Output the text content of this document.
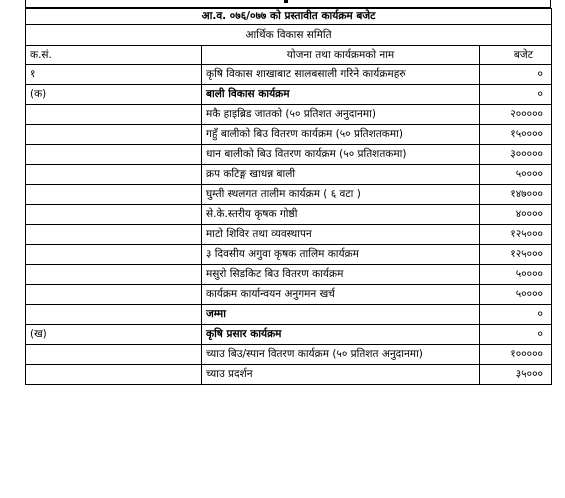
आ.व. ०७६/०७७ को प्रस्तावीत कार्यक्रम बजेट		
आर्थिक विकास समिति		
क.सं.	योजना तथा कार्यक्रमको नाम	बजेट
१	कृषि विकास शाखाबाट सालबसाली गरिने कार्यक्रमहरु	०
(क)	बाली विकास कार्यक्रम	०
	मकै हाइब्रिड जातको (५० प्रतिशत अनुदानमा)	२०००००
	गहुँ बालीको बिउ वितरण कार्यक्रम (५० प्रतिशतकमा)	१५००००
	धान बालीको बिउ वितरण कार्यक्रम (५० प्रतिशतकमा)	३०००००
	क्रप कटिङ्ग खाधन्न बाली	५००००
	घुम्ती स्थलगत तालीम कार्यक्रम ( ६ वटा )	१४७०००
	से.के.स्तरीय कृषक गोष्ठी	४००००
	माटो शिविर तथा व्यवस्थापन	१२५०००
	३ दिवसीय अगुवा कृषक तालिम कार्यक्रम	१२५०००
	मसुरो सिडकिट बिउ वितरण कार्यक्रम	५००००
	कार्यक्रम कार्यान्वयन अनुगमन खर्च	५००००
	जम्मा	०
(ख)	कृषि प्रसार कार्यक्रम	०
	च्याउ बिउ/स्पान वितरण कार्यक्रम (५० प्रतिशत अनुदानमा)	१०००००
	च्याउ प्रदर्शन	३५०००
